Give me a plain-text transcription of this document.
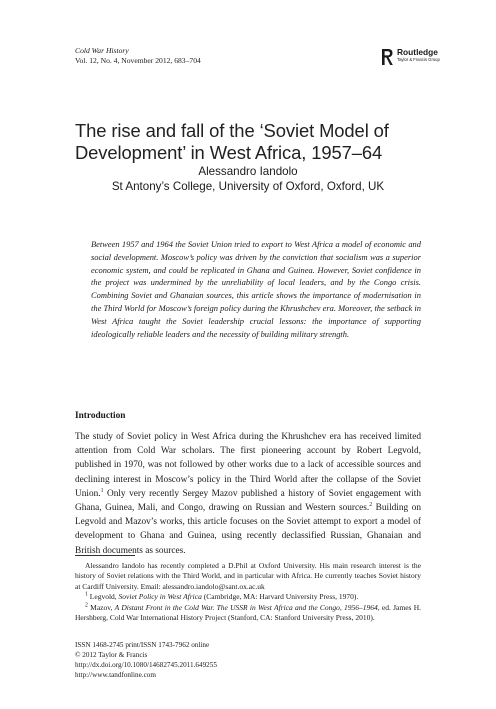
Cold War History
Vol. 12, No. 4, November 2012, 683–704
Routledge
Taylor & Francis Group
The rise and fall of the ‘Soviet Model of
Development’ in West Africa, 1957–64
Alessandro Iandolo
St Antony’s College, University of Oxford, Oxford, UK
Between 1957 and 1964 the Soviet Union tried to export to West Africa a model of economic and social development. Moscow’s policy was driven by the conviction that socialism was a superior economic system, and could be replicated in Ghana and Guinea. However, Soviet confidence in the project was undermined by the unreliability of local leaders, and by the Congo crisis. Combining Soviet and Ghanaian sources, this article shows the importance of modernisation in the Third World for Moscow’s foreign policy during the Khrushchev era. Moreover, the setback in West Africa taught the Soviet leadership crucial lessons: the importance of supporting ideologically reliable leaders and the necessity of building military strength.
Introduction
The study of Soviet policy in West Africa during the Khrushchev era has received limited attention from Cold War scholars. The first pioneering account by Robert Legvold, published in 1970, was not followed by other works due to a lack of accessible sources and declining interest in Moscow’s policy in the Third World after the collapse of the Soviet Union.$^1$ Only very recently Sergey Mazov published a history of Soviet engagement with Ghana, Guinea, Mali, and Congo, drawing on Russian and Western sources.$^2$ Building on Legvold and Mazov’s works, this article focuses on the Soviet attempt to export a model of development to Ghana and Guinea, using recently declassified Russian, Ghanaian and British documents as sources.

Alessandro Iandolo has recently completed a D.Phil at Oxford University. His main research interest is the history of Soviet relations with the Third World, and in particular with Africa. He currently teaches Soviet history at Cardiff University. Email: alessandro.iandolo@sant.ox.ac.uk

$^1$ Legvold, Soviet Policy in West Africa (Cambridge, MA: Harvard University Press, 1970).

$^2$ Mazov, A Distant Front in the Cold War. The USSR in West Africa and the Congo, 1956–1964, ed. James H. Hershberg, Cold War International History Project (Stanford, CA: Stanford University Press, 2010).

ISSN 1468-2745 print/ISSN 1743-7962 online
© 2012 Taylor & Francis
http://dx.doi.org/10.1080/14682745.2011.649255
http://www.tandfonline.com
